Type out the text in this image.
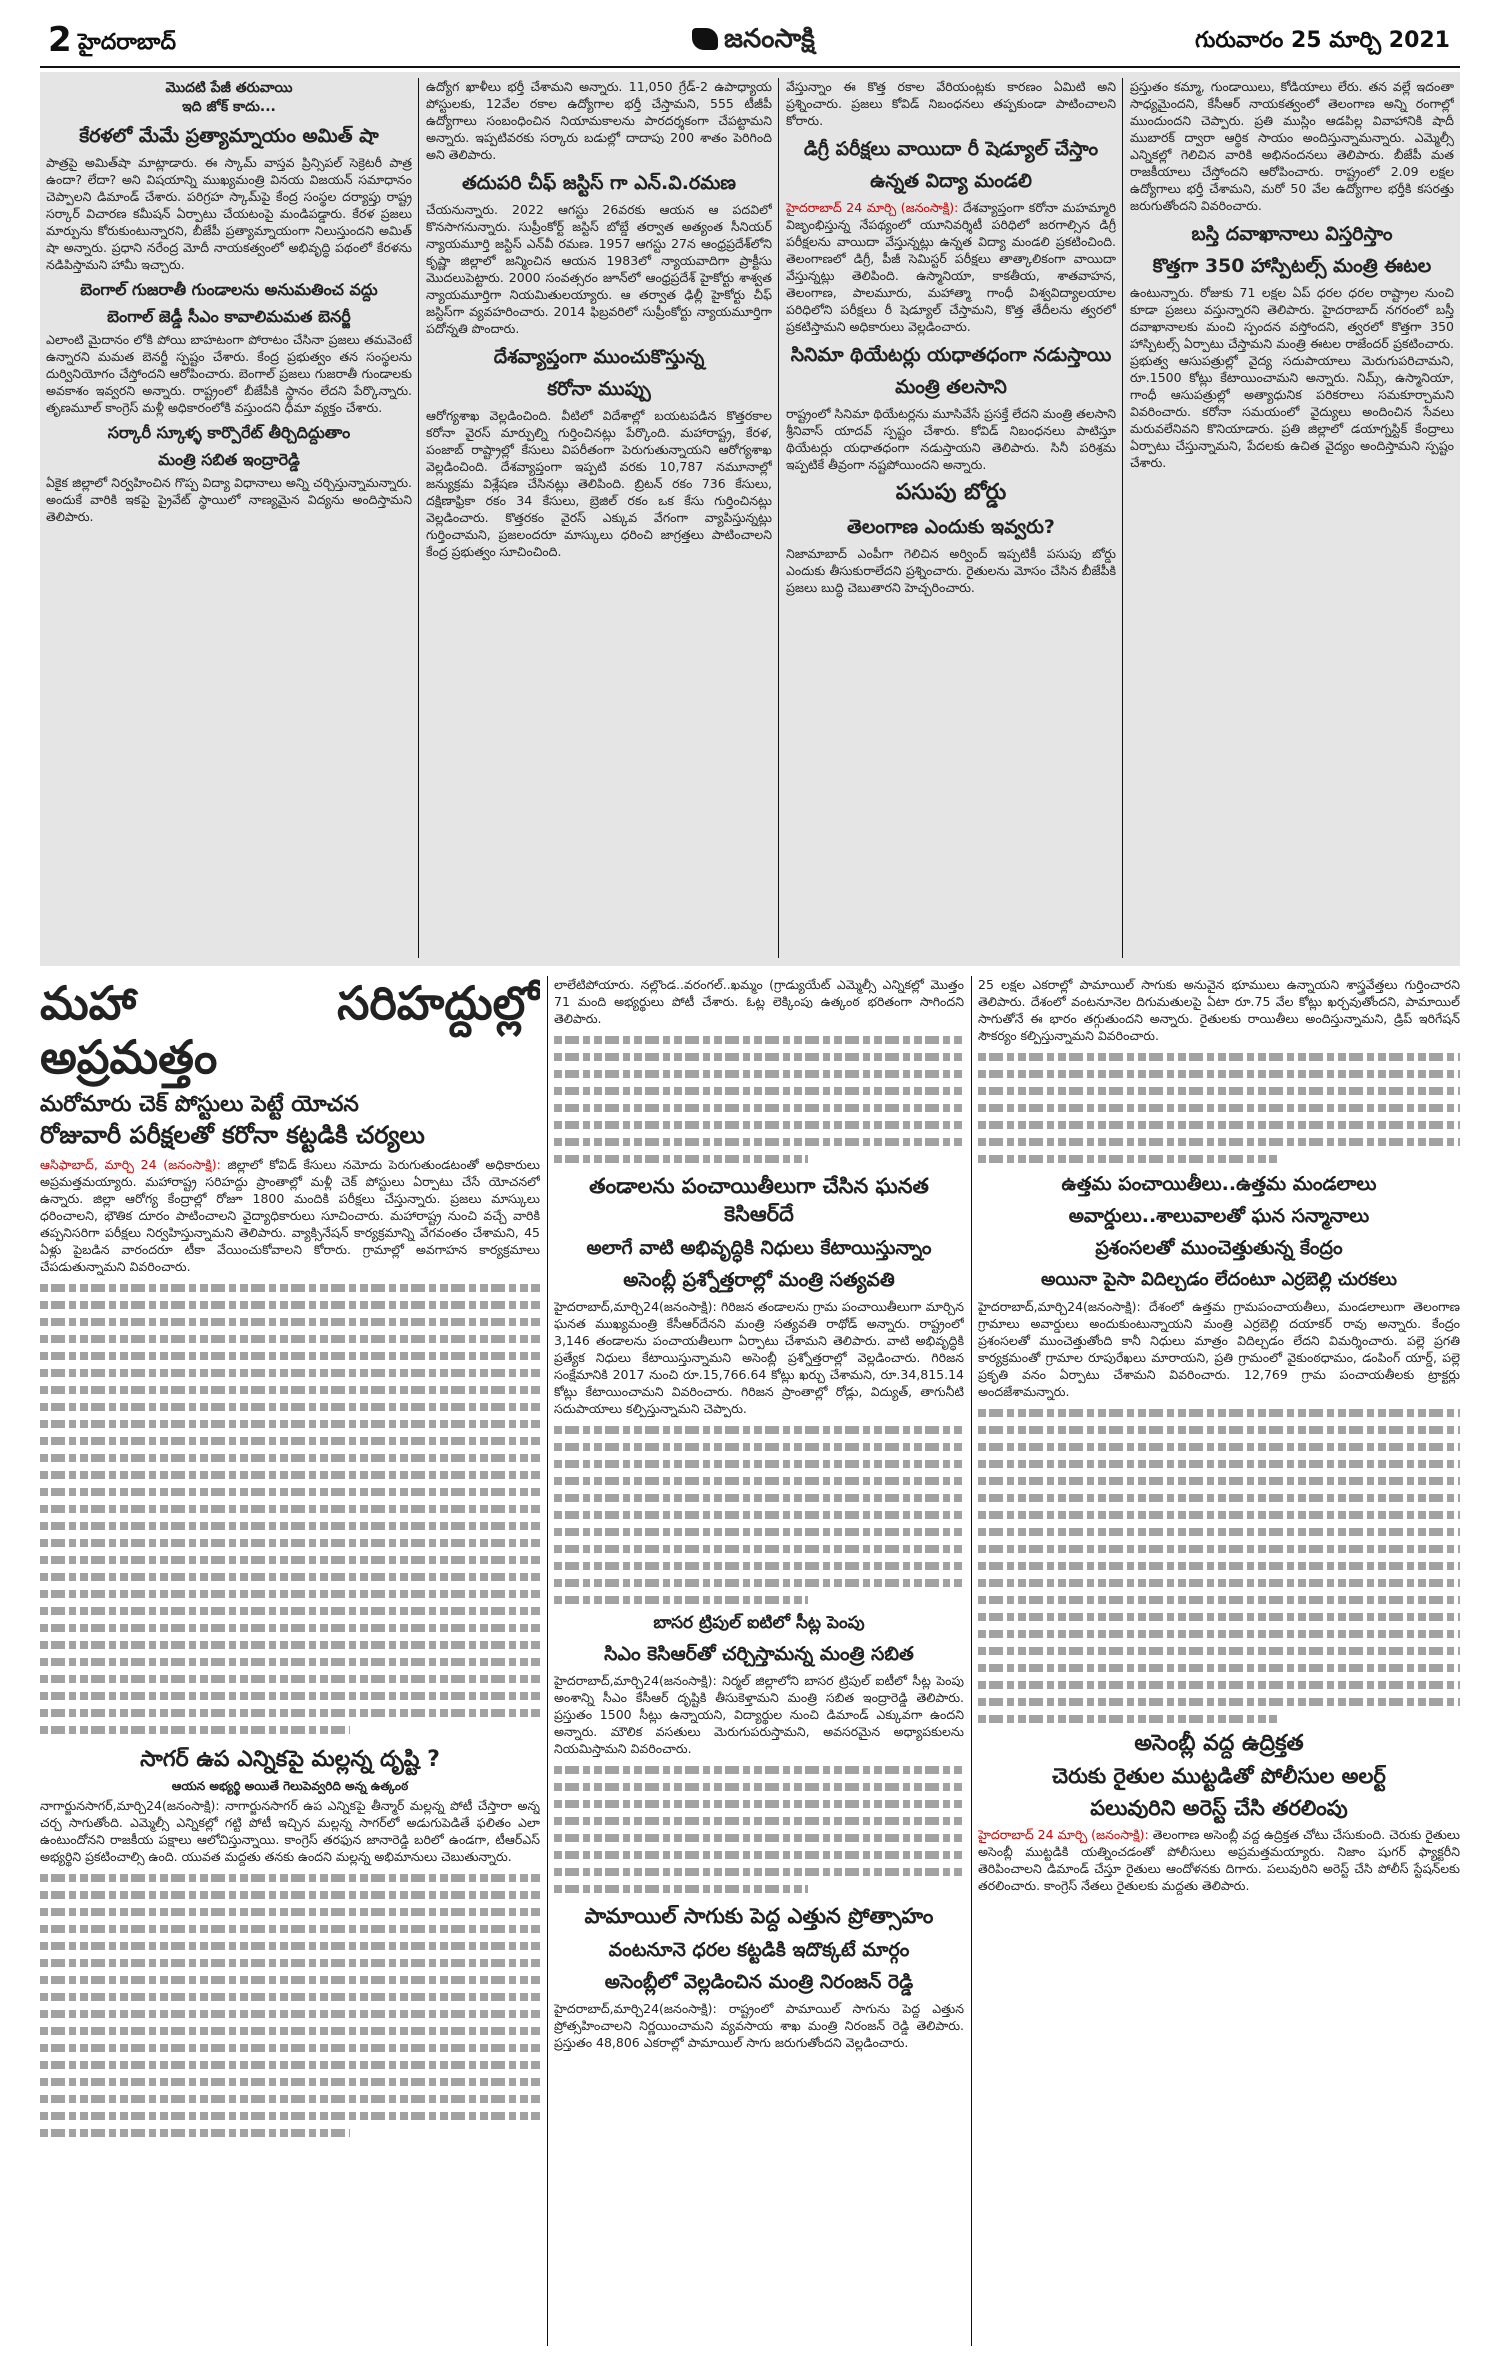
2 హైదరాబాద్	జనంసాక్షి	గురువారం 25 మార్చి 2021
మొదటి పేజీ తరువాయి
ఇది జోక్ కాదు...
కేరళలో మేమే ప్రత్యామ్నాయం అమిత్ షా

పాత్రపై అమిత్‌షా మాట్లాడారు. ఈ స్కామ్‌ వాస్తవ ప్రిన్సిపల్‌ సెక్రెటరీ పాత్ర ఉందా? లేదా? అని విషయాన్ని ముఖ్యమంత్రి వినయ విజయన్‌ సమాధానం చెప్పాలని డిమాండ్‌ చేశారు. పరిగ్రహ స్కామ్‌పై కేంద్ర సంస్థల దర్యాప్తు రాష్ట్ర సర్కార్‌ విచారణ కమీషన్‌ ఏర్పాటు చేయటంపై మండిపడ్డారు. కేరళ ప్రజలు మార్పును కోరుకుంటున్నారని, బీజేపీ ప్రత్యామ్నాయంగా నిలుస్తుందని అమిత్‌ షా అన్నారు. ప్రధాని నరేంద్ర మోదీ నాయకత్వంలో అభివృద్ధి పథంలో కేరళను నడిపిస్తామని హామీ ఇచ్చారు.

బెంగాల్‌ గుజరాతీ గుండాలను అనుమతించ వద్దు
బెంగాల్‌ జెడ్డీ సీఎం కావాలిమమత బెనర్జీ

ఎలాంటి మైదానం లోకి పోయి బాహటంగా పోరాటం చేసినా ప్రజలు తమవెంటే ఉన్నారని మమత బెనర్జీ స్పష్టం చేశారు. కేంద్ర ప్రభుత్వం తన సంస్థలను దుర్వినియోగం చేస్తోందని ఆరోపించారు. బెంగాల్‌ ప్రజలు గుజరాతీ గుండాలకు అవకాశం ఇవ్వరని అన్నారు. రాష్ట్రంలో బీజేపీకి స్థానం లేదని పేర్కొన్నారు. తృణమూల్‌ కాంగ్రెస్‌ మళ్లీ అధికారంలోకి వస్తుందని ధీమా వ్యక్తం చేశారు.

సర్కారీ స్కూళ్ళ కార్పొరేట్‌ తీర్చిదిద్దుతాం
మంత్రి సబిత ఇంద్రారెడ్డి

ఏకైక జిల్లాలో నిర్వహించిన గొప్ప విద్యా విధానాలు అన్ని చర్చిస్తున్నామన్నారు. అందుకే వారికి ఇకపై ప్రైవేట్‌ స్థాయిలో నాణ్యమైన విద్యను అందిస్తామని తెలిపారు.

ఉద్యోగ ఖాళీలు భర్తీ చేశామని అన్నారు. 11,050 గ్రేడ్‌-2 ఉపాధ్యాయ పోస్టులకు, 12వేల రకాల ఉద్యోగాల భర్తీ చేస్తామని, 555 టీజీపీ ఉద్యోగాలు సంబంధించిన నియామకాలను పారదర్శకంగా చేపట్టామని అన్నారు. ఇప్పటివరకు సర్కారు బడుల్లో దాదాపు 200 శాతం పెరిగింది అని తెలిపారు.

తదుపరి చీఫ్‌ జస్టిస్‌ గా ఎన్‌.వి.రమణ

చేయనున్నారు. 2022 ఆగస్టు 26వరకు ఆయన ఆ పదవిలో కొనసాగనున్నారు. సుప్రీంకోర్ట్‌ జస్టిస్‌ బోబ్డే తర్వాత అత్యంత సీనియర్‌ న్యాయమూర్తి జస్టిస్‌ ఎన్‌వీ రమణ. 1957 ఆగస్టు 27న ఆంధ్రప్రదేశ్‌లోని కృష్ణా జిల్లాలో జన్మించిన ఆయన 1983లో న్యాయవాదిగా ప్రాక్టీసు మొదలుపెట్టారు. 2000 సంవత్సరం జూన్‌లో ఆంధ్రప్రదేశ్‌ హైకోర్టు శాశ్వత న్యాయమూర్తిగా నియమితులయ్యారు. ఆ తర్వాత ఢిల్లీ హైకోర్టు చీఫ్‌ జస్టిస్‌గా వ్యవహరించారు. 2014 ఫిబ్రవరిలో సుప్రీంకోర్టు న్యాయమూర్తిగా పదోన్నతి పొందారు.

దేశవ్యాప్తంగా ముంచుకొస్తున్న
కరోనా ముప్పు

ఆరోగ్యశాఖ వెల్లడించింది. వీటిలో విదేశాల్లో బయటపడిన కొత్తరకాల కరోనా వైరస్‌ మార్పుల్ని గుర్తించినట్లు పేర్కొంది. మహారాష్ట్ర, కేరళ, పంజాబ్‌ రాష్ట్రాల్లో కేసులు విపరీతంగా పెరుగుతున్నాయని ఆరోగ్యశాఖ వెల్లడించింది. దేశవ్యాప్తంగా ఇప్పటి వరకు 10,787 నమూనాల్లో జన్యుక్రమ విశ్లేషణ చేసినట్లు తెలిపింది. బ్రిటన్‌ రకం 736 కేసులు, దక్షిణాఫ్రికా రకం 34 కేసులు, బ్రెజిల్‌ రకం ఒక కేసు గుర్తించినట్లు వెల్లడించారు. కొత్తరకం వైరస్‌ ఎక్కువ వేగంగా వ్యాపిస్తున్నట్లు గుర్తించామని, ప్రజలందరూ మాస్కులు ధరించి జాగ్రత్తలు పాటించాలని కేంద్ర ప్రభుత్వం సూచించింది.

వేస్తున్నాం ఈ కొత్త రకాల వేరియంట్లకు కారణం ఏమిటి అని ప్రశ్నించారు. ప్రజలు కోవిడ్‌ నిబంధనలు తప్పకుండా పాటించాలని కోరారు.

డిగ్రీ పరీక్షలు వాయిదా రీ షెడ్యూల్‌ చేస్తాం
ఉన్నత విద్యా మండలి

హైదరాబాద్‌ 24 మార్చి (జనంసాక్షి): దేశవ్యాప్తంగా కరోనా మహమ్మారి విజృంభిస్తున్న నేపథ్యంలో యూనివర్శిటీ పరిధిలో జరగాల్సిన డిగ్రీ పరీక్షలను వాయిదా వేస్తున్నట్లు ఉన్నత విద్యా మండలి ప్రకటించింది. తెలంగాణలో డిగ్రీ, పీజీ సెమిస్టర్‌ పరీక్షలు తాత్కాలికంగా వాయిదా వేస్తున్నట్లు తెలిపింది. ఉస్మానియా, కాకతీయ, శాతవాహన, తెలంగాణ, పాలమూరు, మహాత్మా గాంధీ విశ్వవిద్యాలయాల పరిధిలోని పరీక్షలు రీ షెడ్యూల్‌ చేస్తామని, కొత్త తేదీలను త్వరలో ప్రకటిస్తామని అధికారులు వెల్లడించారు.

సినిమా థియేటర్లు యధాతధంగా నడుస్తాయి
మంత్రి తలసాని

రాష్ట్రంలో సినిమా థియేటర్లను మూసివేసే ప్రసక్తే లేదని మంత్రి తలసాని శ్రీనివాస్‌ యాదవ్‌ స్పష్టం చేశారు. కోవిడ్‌ నిబంధనలు పాటిస్తూ థియేటర్లు యధాతధంగా నడుస్తాయని తెలిపారు. సినీ పరిశ్రమ ఇప్పటికే తీవ్రంగా నష్టపోయిందని అన్నారు.

పసుపు బోర్డు
తెలంగాణ ఎందుకు ఇవ్వరు?

నిజామాబాద్‌ ఎంపీగా గెలిచిన అర్వింద్‌ ఇప్పటికీ పసుపు బోర్డు ఎందుకు తీసుకురాలేదని ప్రశ్నించారు. రైతులను మోసం చేసిన బీజేపీకి ప్రజలు బుద్ధి చెబుతారని హెచ్చరించారు.

ప్రస్తుతం కమ్మా, గుండాయిలు, కోడియాలు లేరు. తన వల్లే ఇదంతా సాధ్యమైందని, కేసీఆర్‌ నాయకత్వంలో తెలంగాణ అన్ని రంగాల్లో ముందుందని చెప్పారు. ప్రతి ముస్లిం ఆడపిల్ల వివాహానికి షాదీ ముబారక్‌ ద్వారా ఆర్థిక సాయం అందిస్తున్నామన్నారు. ఎమ్మెల్సీ ఎన్నికల్లో గెలిచిన వారికి అభినందనలు తెలిపారు. బీజేపీ మత రాజకీయాలు చేస్తోందని ఆరోపించారు. రాష్ట్రంలో 2.09 లక్షల ఉద్యోగాలు భర్తీ చేశామని, మరో 50 వేల ఉద్యోగాల భర్తీకి కసరత్తు జరుగుతోందని వివరించారు.

బస్తి దవాఖానాలు విస్తరిస్తాం
కొత్తగా 350 హాస్పిటల్స్‌ మంత్రి ఈటల

ఉంటున్నారు. రోజుకు 71 లక్షల ఏప్‌ ధరల ధరల రాష్ట్రాల నుంచి కూడా ప్రజలు వస్తున్నారని తెలిపారు. హైదరాబాద్‌ నగరంలో బస్తీ దవాఖానాలకు మంచి స్పందన వస్తోందని, త్వరలో కొత్తగా 350 హాస్పిటల్స్‌ ఏర్పాటు చేస్తామని మంత్రి ఈటల రాజేందర్‌ ప్రకటించారు. ప్రభుత్వ ఆసుపత్రుల్లో వైద్య సదుపాయాలు మెరుగుపరిచామని, రూ.1500 కోట్లు కేటాయించామని అన్నారు. నిమ్స్‌, ఉస్మానియా, గాంధీ ఆసుపత్రుల్లో అత్యాధునిక పరికరాలు సమకూర్చామని వివరించారు. కరోనా సమయంలో వైద్యులు అందించిన సేవలు మరువలేనివని కొనియాడారు. ప్రతి జిల్లాలో డయాగ్నస్టిక్‌ కేంద్రాలు ఏర్పాటు చేస్తున్నామని, పేదలకు ఉచిత వైద్యం అందిస్తామని స్పష్టం చేశారు.

మహా సరిహద్దుల్లో అప్రమత్తం
మరోమారు చెక్‌ పోస్టులు పెట్టే యోచన
రోజువారీ పరీక్షలతో కరోనా కట్టడికి చర్యలు

ఆసిఫాబాద్‌, మార్చి 24 (జనంసాక్షి): జిల్లాలో కోవిడ్‌ కేసులు నమోదు పెరుగుతుండటంతో అధికారులు అప్రమత్తమయ్యారు. మహారాష్ట్ర సరిహద్దు ప్రాంతాల్లో మళ్లీ చెక్‌ పోస్టులు ఏర్పాటు చేసే యోచనలో ఉన్నారు. జిల్లా ఆరోగ్య కేంద్రాల్లో రోజూ 1800 మందికి పరీక్షలు చేస్తున్నారు. ప్రజలు మాస్కులు ధరించాలని, భౌతిక దూరం పాటించాలని వైద్యాధికారులు సూచించారు. మహారాష్ట్ర నుంచి వచ్చే వారికి తప్పనిసరిగా పరీక్షలు నిర్వహిస్తున్నామని తెలిపారు. వ్యాక్సినేషన్‌ కార్యక్రమాన్ని వేగవంతం చేశామని, 45 ఏళ్లు పైబడిన వారందరూ టీకా వేయించుకోవాలని కోరారు. గ్రామాల్లో అవగాహన కార్యక్రమాలు చేపడుతున్నామని వివరించారు.

సాగర్‌ ఉప ఎన్నికపై మల్లన్న దృష్టి ?
ఆయన అభ్యర్థి అయితే గెలుపెవ్వరిది అన్న ఉత్కంఠ

నాగార్జునసాగర్‌,మార్చి24(జనంసాక్షి): నాగార్జునసాగర్‌ ఉప ఎన్నికపై తీన్మార్‌ మల్లన్న పోటీ చేస్తారా అన్న చర్చ సాగుతోంది. ఎమ్మెల్సీ ఎన్నికల్లో గట్టి పోటీ ఇచ్చిన మల్లన్న సాగర్‌లో అడుగుపెడితే ఫలితం ఎలా ఉంటుందోనని రాజకీయ పక్షాలు ఆలోచిస్తున్నాయి. కాంగ్రెస్‌ తరఫున జానారెడ్డి బరిలో ఉండగా, టీఆర్‌ఎస్‌ అభ్యర్థిని ప్రకటించాల్సి ఉంది. యువత మద్దతు తనకు ఉందని మల్లన్న అభిమానులు చెబుతున్నారు.

లాలేటిపోయారు. నల్లొండ..వరంగల్‌..ఖమ్మం (గ్రాడ్యుయేట్‌ ఎమ్మెల్సీ ఎన్నికల్లో మొత్తం 71 మంది అభ్యర్థులు పోటీ చేశారు. ఓట్ల లెక్కింపు ఉత్కంఠ భరితంగా సాగిందని తెలిపారు.

తండాలను పంచాయితీలుగా చేసిన ఘనత కెసిఆర్‌దే
అలాగే వాటి అభివృద్ధికి నిధులు కేటాయిస్తున్నాం
అసెంబ్లీ ప్రశ్నోత్తరాల్లో మంత్రి సత్యవతి

హైదరాబాద్‌,మార్చి24(జనంసాక్షి): గిరిజన తండాలను గ్రామ పంచాయితీలుగా మార్చిన ఘనత ముఖ్యమంత్రి కేసీఆర్‌దేనని మంత్రి సత్యవతి రాథోడ్‌ అన్నారు. రాష్ట్రంలో 3,146 తండాలను పంచాయతీలుగా ఏర్పాటు చేశామని తెలిపారు. వాటి అభివృద్ధికి ప్రత్యేక నిధులు కేటాయిస్తున్నామని అసెంబ్లీ ప్రశ్నోత్తరాల్లో వెల్లడించారు. గిరిజన సంక్షేమానికి 2017 నుంచి రూ.15,766.64 కోట్లు ఖర్చు చేశామని, రూ.34,815.14 కోట్లు కేటాయించామని వివరించారు. గిరిజన ప్రాంతాల్లో రోడ్లు, విద్యుత్‌, తాగునీటి సదుపాయాలు కల్పిస్తున్నామని చెప్పారు.

బాసర ట్రిపుల్‌ ఐటిలో సీట్ల పెంపు
సిఎం కెసిఆర్‌తో చర్చిస్తామన్న మంత్రి సబిత

హైదరాబాద్‌,మార్చి24(జనంసాక్షి): నిర్మల్‌ జిల్లాలోని బాసర ట్రిపుల్‌ ఐటీలో సీట్ల పెంపు అంశాన్ని సీఎం కేసీఆర్‌ దృష్టికి తీసుకెళ్తామని మంత్రి సబిత ఇంద్రారెడ్డి తెలిపారు. ప్రస్తుతం 1500 సీట్లు ఉన్నాయని, విద్యార్థుల నుంచి డిమాండ్‌ ఎక్కువగా ఉందని అన్నారు. మౌలిక వసతులు మెరుగుపరుస్తామని, అవసరమైన అధ్యాపకులను నియమిస్తామని వివరించారు.

పామాయిల్‌ సాగుకు పెద్ద ఎత్తున ప్రోత్సాహం
వంటనూనె ధరల కట్టడికి ఇదొక్కటే మార్గం
అసెంబ్లీలో వెల్లడించిన మంత్రి నిరంజన్‌ రెడ్డి

హైదరాబాద్‌,మార్చి24(జనంసాక్షి): రాష్ట్రంలో పామాయిల్‌ సాగును పెద్ద ఎత్తున ప్రోత్సహించాలని నిర్ణయించామని వ్యవసాయ శాఖ మంత్రి నిరంజన్‌ రెడ్డి తెలిపారు. ప్రస్తుతం 48,806 ఎకరాల్లో పామాయిల్‌ సాగు జరుగుతోందని వెల్లడించారు.

25 లక్షల ఎకరాల్లో పామాయిల్‌ సాగుకు అనువైన భూములు ఉన్నాయని శాస్త్రవేత్తలు గుర్తించారని తెలిపారు. దేశంలో వంటనూనెల దిగుమతులపై ఏటా రూ.75 వేల కోట్లు ఖర్చవుతోందని, పామాయిల్‌ సాగుతోనే ఈ భారం తగ్గుతుందని అన్నారు. రైతులకు రాయితీలు అందిస్తున్నామని, డ్రిప్‌ ఇరిగేషన్‌ సౌకర్యం కల్పిస్తున్నామని వివరించారు.

ఉత్తమ పంచాయితీలు..ఉత్తమ మండలాలు
అవార్డులు..శాలువాలతో ఘన సన్మానాలు
ప్రశంసలతో ముంచెత్తుతున్న కేంద్రం
అయినా పైసా విదిల్చడం లేదంటూ ఎర్రబెల్లి చురకలు

హైదరాబాద్‌,మార్చి24(జనంసాక్షి): దేశంలో ఉత్తమ గ్రామపంచాయతీలు, మండలాలుగా తెలంగాణ గ్రామాలు అవార్డులు అందుకుంటున్నాయని మంత్రి ఎర్రబెల్లి దయాకర్‌ రావు అన్నారు. కేంద్రం ప్రశంసలతో ముంచెత్తుతోంది కానీ నిధులు మాత్రం విదిల్చడం లేదని విమర్శించారు. పల్లె ప్రగతి కార్యక్రమంతో గ్రామాల రూపురేఖలు మారాయని, ప్రతి గ్రామంలో వైకుంఠధామం, డంపింగ్‌ యార్డ్‌, పల్లె ప్రకృతి వనం ఏర్పాటు చేశామని వివరించారు. 12,769 గ్రామ పంచాయతీలకు ట్రాక్టర్లు అందజేశామన్నారు.

అసెంబ్లీ వద్ద ఉద్రిక్తత
చెరుకు రైతుల ముట్టడితో పోలీసుల అలర్ట్‌
పలువురిని అరెస్ట్‌ చేసి తరలింపు

హైదరాబాద్‌ 24 మార్చి (జనంసాక్షి): తెలంగాణ అసెంబ్లీ వద్ద ఉద్రిక్తత చోటు చేసుకుంది. చెరుకు రైతులు అసెంబ్లీ ముట్టడికి యత్నించడంతో పోలీసులు అప్రమత్తమయ్యారు. నిజాం షుగర్‌ ఫ్యాక్టరీని తెరిపించాలని డిమాండ్‌ చేస్తూ రైతులు ఆందోళనకు దిగారు. పలువురిని అరెస్ట్‌ చేసి పోలీస్‌ స్టేషన్‌లకు తరలించారు. కాంగ్రెస్‌ నేతలు రైతులకు మద్దతు తెలిపారు.
